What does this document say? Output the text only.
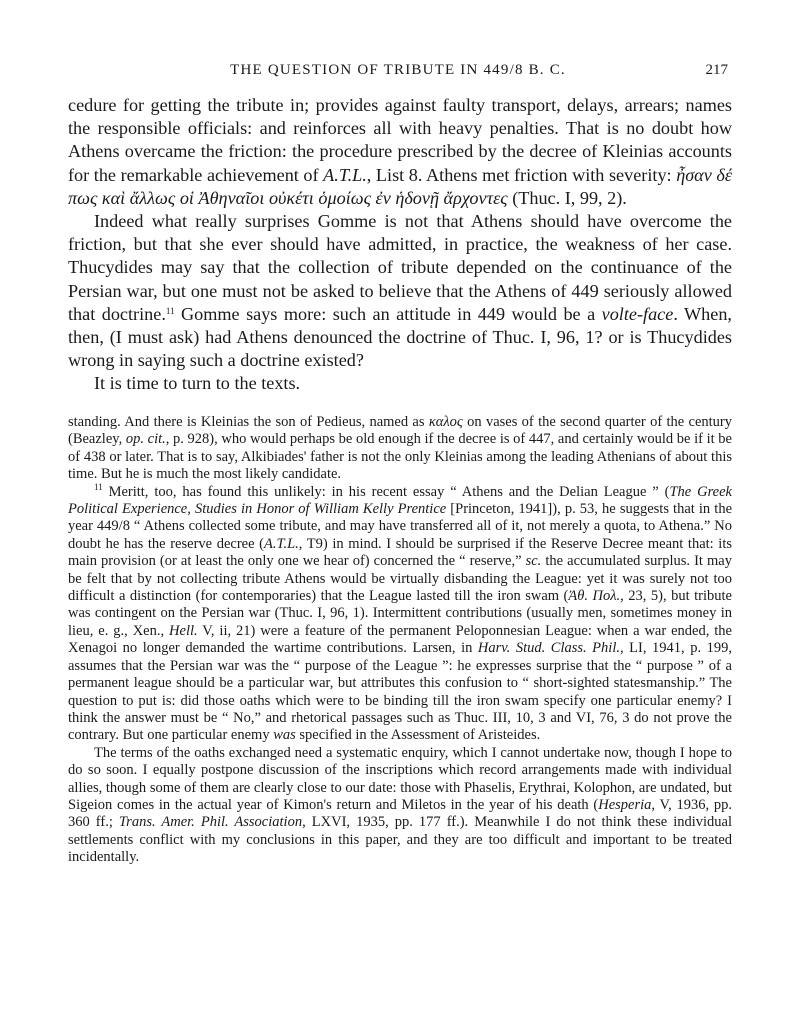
THE QUESTION OF TRIBUTE IN 449/8 B. C.	217

cedure for getting the tribute in; provides against faulty transport, delays, arrears; names the responsible officials: and reinforces all with heavy penalties. That is no doubt how Athens overcame the friction: the procedure prescribed by the decree of Kleinias accounts for the remarkable achievement of A.T.L., List 8. Athens met friction with severity: ἦσαν δέ πως καὶ ἄλλως οἱ Ἀθηναῖοι οὐκέτι ὁμοίως ἐν ἡδονῇ ἄρχοντες (Thuc. I, 99, 2).

Indeed what really surprises Gomme is not that Athens should have overcome the friction, but that she ever should have admitted, in practice, the weakness of her case. Thucydides may say that the collection of tribute depended on the continuance of the Persian war, but one must not be asked to believe that the Athens of 449 seriously allowed that doctrine.$^{11}$ Gomme says more: such an attitude in 449 would be a volte-face. When, then, (I must ask) had Athens denounced the doctrine of Thuc. I, 96, 1? or is Thucydides wrong in saying such a doctrine existed?

It is time to turn to the texts.

standing. And there is Kleinias the son of Pedieus, named as καλος on vases of the second quarter of the century (Beazley, op. cit., p. 928), who would perhaps be old enough if the decree is of 447, and certainly would be if it be of 438 or later. That is to say, Alkibiades' father is not the only Kleinias among the leading Athenians of about this time. But he is much the most likely candidate.

$^{11}$ Meritt, too, has found this unlikely: in his recent essay “ Athens and the Delian League ” (The Greek Political Experience, Studies in Honor of William Kelly Prentice [Princeton, 1941]), p. 53, he suggests that in the year 449/8 “ Athens collected some tribute, and may have transferred all of it, not merely a quota, to Athena.” No doubt he has the reserve decree (A.T.L., T9) in mind. I should be surprised if the Reserve Decree meant that: its main provision (or at least the only one we hear of) concerned the “ reserve,” sc. the accumulated surplus. It may be felt that by not collecting tribute Athens would be virtually disbanding the League: yet it was surely not too difficult a distinction (for contemporaries) that the League lasted till the iron swam (Ἀθ. Πολ., 23, 5), but tribute was contingent on the Persian war (Thuc. I, 96, 1). Intermittent contributions (usually men, sometimes money in lieu, e. g., Xen., Hell. V, ii, 21) were a feature of the permanent Peloponnesian League: when a war ended, the Xenagoi no longer demanded the wartime contributions. Larsen, in Harv. Stud. Class. Phil., LI, 1941, p. 199, assumes that the Persian war was the “ purpose of the League ”: he expresses surprise that the “ purpose ” of a permanent league should be a particular war, but attributes this confusion to “ short-sighted statesmanship.” The question to put is: did those oaths which were to be binding till the iron swam specify one particular enemy? I think the answer must be “ No,” and rhetorical passages such as Thuc. III, 10, 3 and VI, 76, 3 do not prove the contrary. But one particular enemy was specified in the Assessment of Aristeides.

The terms of the oaths exchanged need a systematic enquiry, which I cannot undertake now, though I hope to do so soon. I equally postpone discussion of the inscriptions which record arrangements made with individual allies, though some of them are clearly close to our date: those with Phaselis, Erythrai, Kolophon, are undated, but Sigeion comes in the actual year of Kimon's return and Miletos in the year of his death (Hesperia, V, 1936, pp. 360 ff.; Trans. Amer. Phil. Association, LXVI, 1935, pp. 177 ff.). Meanwhile I do not think these individual settlements conflict with my conclusions in this paper, and they are too difficult and important to be treated incidentally.
